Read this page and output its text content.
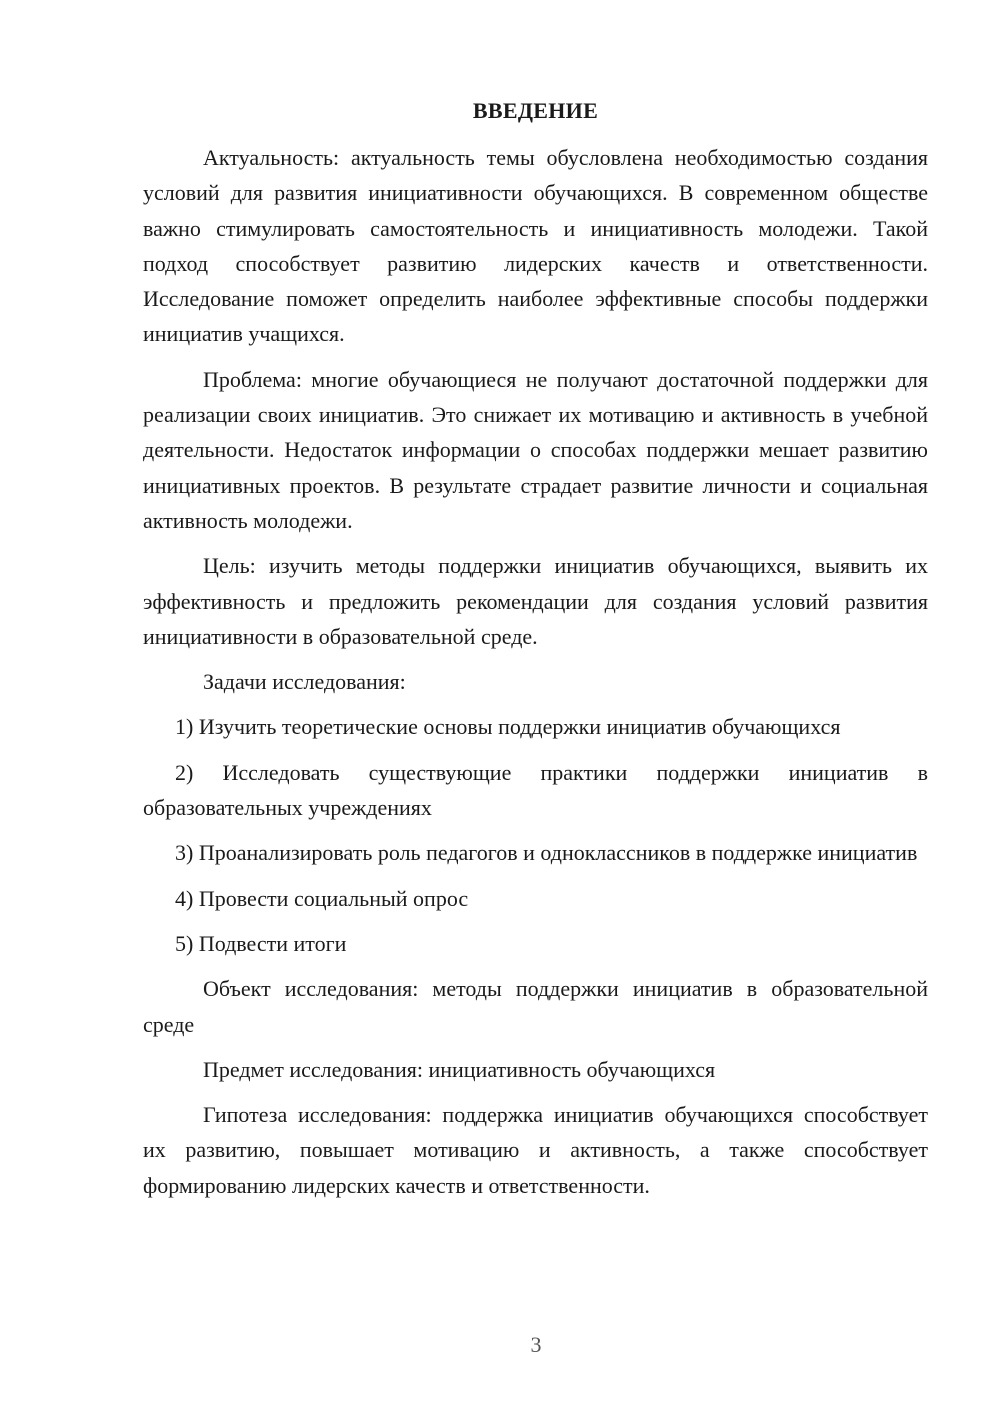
ВВЕДЕНИЕ

Актуальность: актуальность темы обусловлена необходимостью создания условий для развития инициативности обучающихся. В современном обществе важно стимулировать самостоятельность и инициативность молодежи. Такой подход способствует развитию лидерских качеств и ответственности. Исследование поможет определить наиболее эффективные способы поддержки инициатив учащихся.

Проблема: многие обучающиеся не получают достаточной поддержки для реализации своих инициатив. Это снижает их мотивацию и активность в учебной деятельности. Недостаток информации о способах поддержки мешает развитию инициативных проектов. В результате страдает развитие личности и социальная активность молодежи.

Цель: изучить методы поддержки инициатив обучающихся, выявить их эффективность и предложить рекомендации для создания условий развития инициативности в образовательной среде.

Задачи исследования:

1) Изучить теоретические основы поддержки инициатив обучающихся

2) Исследовать существующие практики поддержки инициатив в образовательных учреждениях

3) Проанализировать роль педагогов и одноклассников в поддержке инициатив

4) Провести социальный опрос

5) Подвести итоги

Объект исследования: методы поддержки инициатив в образовательной среде

Предмет исследования: инициативность обучающихся

Гипотеза исследования: поддержка инициатив обучающихся способствует их развитию, повышает мотивацию и активность, а также способствует формированию лидерских качеств и ответственности.

3
